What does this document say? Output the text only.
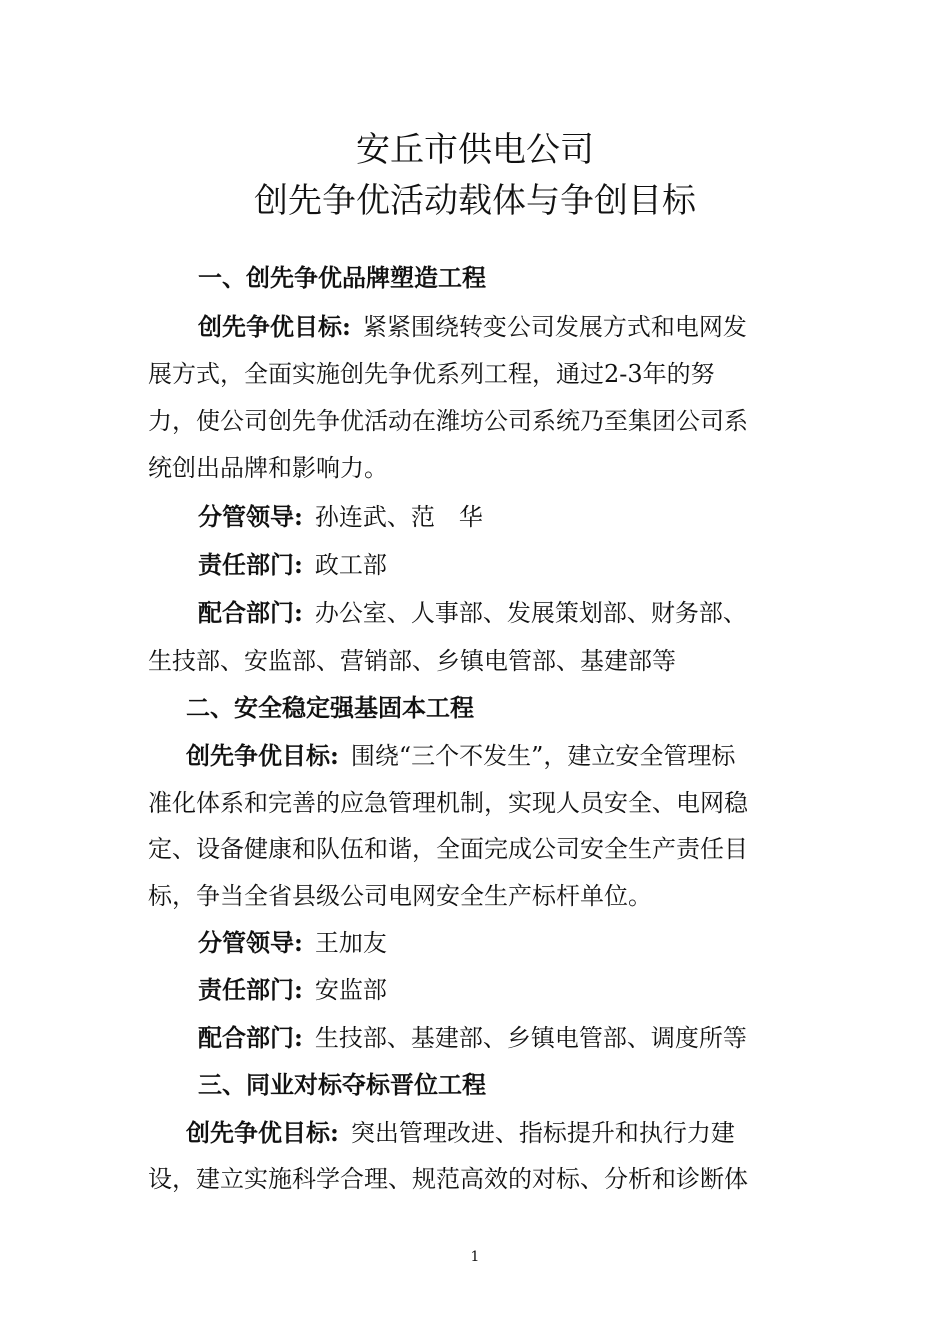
安丘市供电公司
创先争优活动载体与争创目标
一、创先争优品牌塑造工程
创先争优目标: 紧紧围绕转变公司发展方式和电网发
展方式，全面实施创先争优系列工程，通过2-3年的努
力，使公司创先争优活动在潍坊公司系统乃至集团公司系
统创出品牌和影响力。
分管领导: 孙连武、范　华
责任部门: 政工部
配合部门: 办公室、人事部、发展策划部、财务部、
生技部、安监部、营销部、乡镇电管部、基建部等
二、安全稳定强基固本工程
创先争优目标: 围绕“三个不发生”，建立安全管理标
准化体系和完善的应急管理机制，实现人员安全、电网稳
定、设备健康和队伍和谐，全面完成公司安全生产责任目
标，争当全省县级公司电网安全生产标杆单位。
分管领导: 王加友
责任部门: 安监部
配合部门: 生技部、基建部、乡镇电管部、调度所等
三、同业对标夺标晋位工程
创先争优目标: 突出管理改进、指标提升和执行力建
设，建立实施科学合理、规范高效的对标、分析和诊断体
1
